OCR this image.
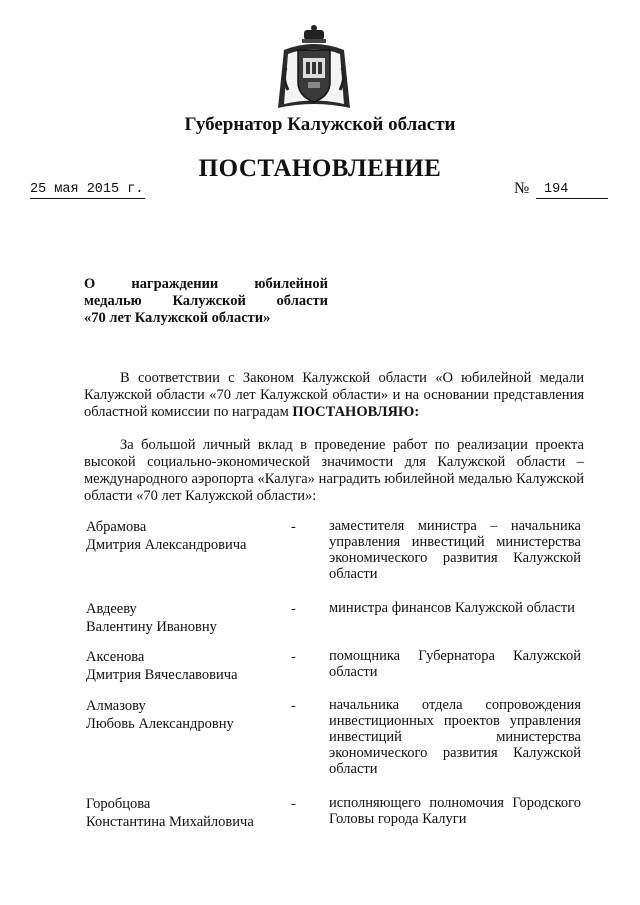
Губернатор Калужской области
ПОСТАНОВЛЕНИЕ
25 мая 2015 г.	№	194
О награждении юбилейной
медалью Калужской области
«70 лет Калужской области»
В соответствии с Законом Калужской области «О юбилейной медали Калужской области «70 лет Калужской области» и на основании представления областной комиссии по наградам ПОСТАНОВЛЯЮ:
За большой личный вклад в проведение работ по реализации проекта высокой социально-экономической значимости для Калужской области – международного аэропорта «Калуга» наградить юбилейной медалью Калужской области «70 лет Калужской области»:
Абрамова
Дмитрия Александровича
- заместителя министра – начальника управления инвестиций министерства экономического развития Калужской области
Авдееву
Валентину Ивановну
- министра финансов Калужской области
Аксенова
Дмитрия Вячеславовича
- помощника Губернатора Калужской области
Алмазову
Любовь Александровну
- начальника отдела сопровождения инвестиционных проектов управления инвестиций министерства экономического развития Калужской области
Горобцова
Константина Михайловича
- исполняющего полномочия Городского Головы города Калуги
